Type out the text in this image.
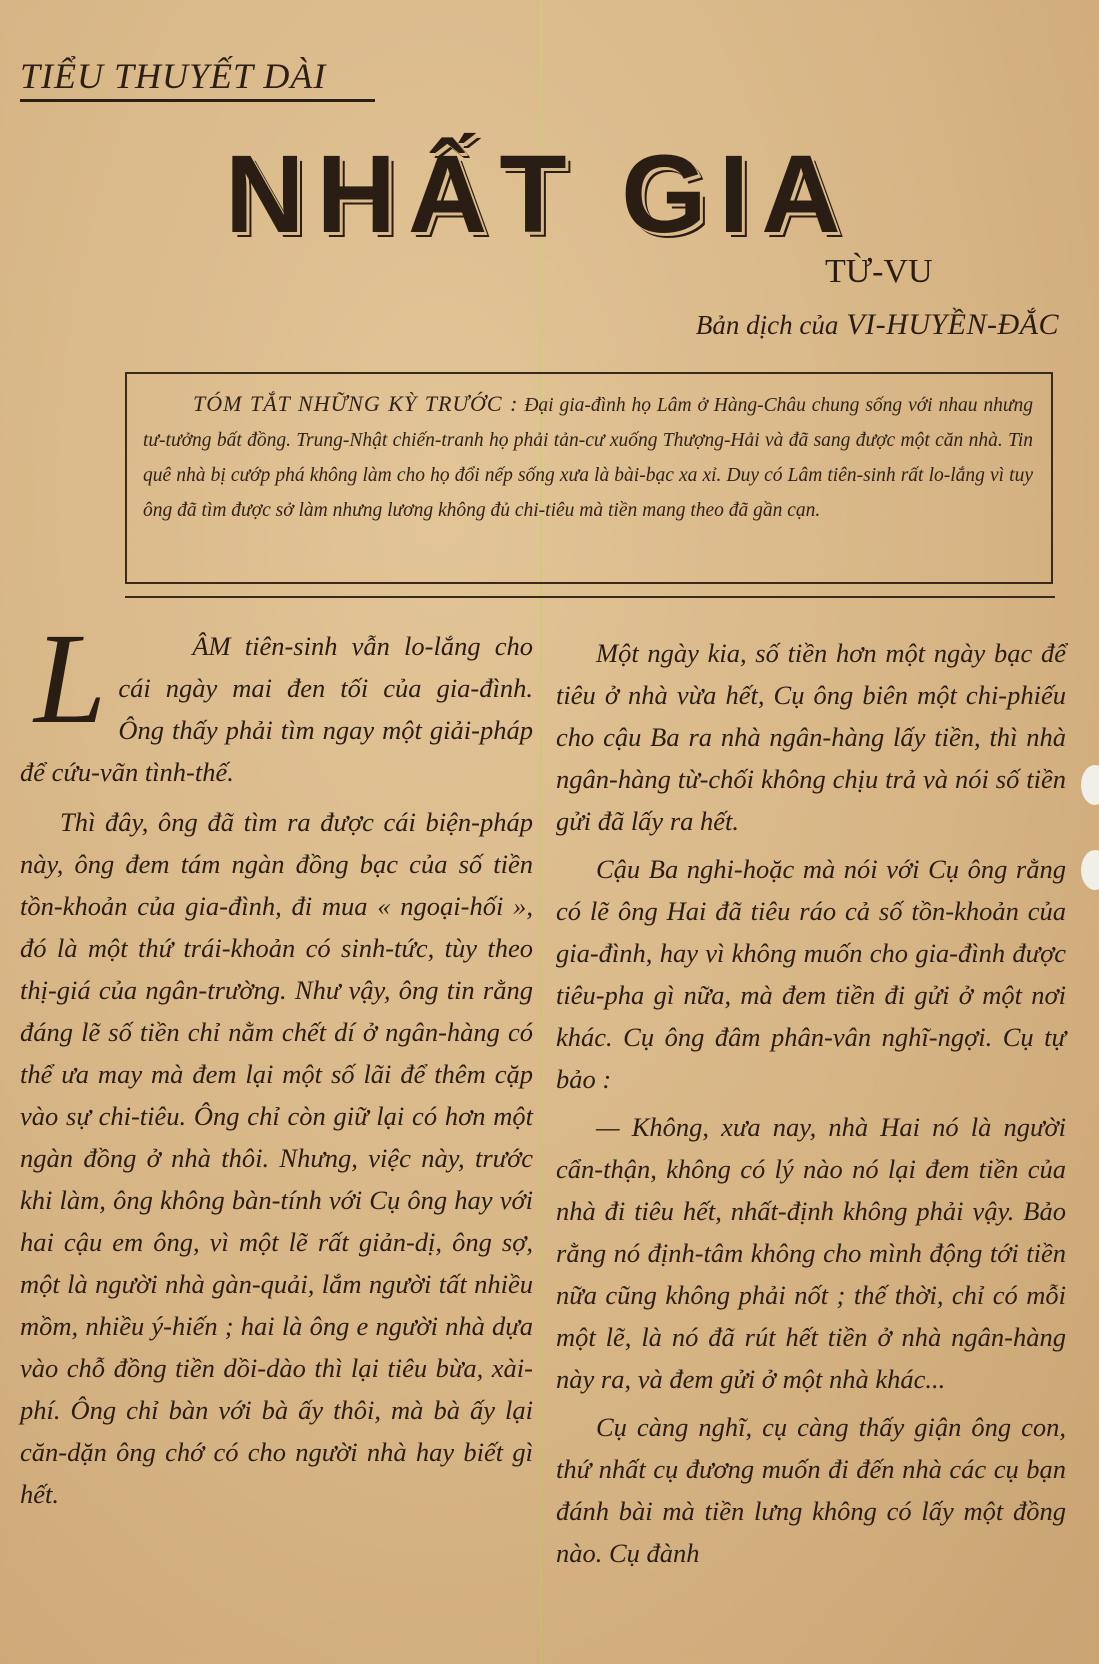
TIỂU THUYẾT DÀI
NHẤT GIA
TỪ-VU
Bản dịch của VI-HUYỀN-ĐẮC
TÓM TẮT NHỮNG KỲ TRƯỚC : Đại gia-đình họ Lâm ở Hàng-Châu chung sống với nhau nhưng tư-tưởng bất đồng. Trung-Nhật chiến-tranh họ phải tản-cư xuống Thượng-Hải và đã sang được một căn nhà. Tin quê nhà bị cướp phá không làm cho họ đổi nếp sống xưa là bài-bạc xa xỉ. Duy có Lâm tiên-sinh rất lo-lắng vì tuy ông đã tìm được sở làm nhưng lương không đủ chi-tiêu mà tiền mang theo đã gần cạn.

L	ÂM tiên-sinh vẫn lo-lắng cho cái ngày mai đen tối của gia-đình. Ông thấy phải tìm ngay một giải-pháp để cứu-vãn tình-thế.

Thì đây, ông đã tìm ra được cái biện-pháp này, ông đem tám ngàn đồng bạc của số tiền tồn-khoản của gia-đình, đi mua « ngoại-hối », đó là một thứ trái-khoản có sinh-tức, tùy theo thị-giá của ngân-trường. Như vậy, ông tin rằng đáng lẽ số tiền chỉ nằm chết dí ở ngân-hàng có thể ưa may mà đem lại một số lãi để thêm cặp vào sự chi-tiêu. Ông chỉ còn giữ lại có hơn một ngàn đồng ở nhà thôi. Nhưng, việc này, trước khi làm, ông không bàn-tính với Cụ ông hay với hai cậu em ông, vì một lẽ rất giản-dị, ông sợ, một là người nhà gàn-quải, lắm người tất nhiều mồm, nhiều ý-hiến ; hai là ông e người nhà dựa vào chỗ đồng tiền dồi-dào thì lại tiêu bừa, xài-phí. Ông chỉ bàn với bà ấy thôi, mà bà ấy lại căn-dặn ông chớ có cho người nhà hay biết gì hết.

Một ngày kia, số tiền hơn một ngày bạc để tiêu ở nhà vừa hết, Cụ ông biên một chi-phiếu cho cậu Ba ra nhà ngân-hàng lấy tiền, thì nhà ngân-hàng từ-chối không chịu trả và nói số tiền gửi đã lấy ra hết.

Cậu Ba nghi-hoặc mà nói với Cụ ông rằng có lẽ ông Hai đã tiêu ráo cả số tồn-khoản của gia-đình, hay vì không muốn cho gia-đình được tiêu-pha gì nữa, mà đem tiền đi gửi ở một nơi khác. Cụ ông đâm phân-vân nghĩ-ngợi. Cụ tự bảo :

— Không, xưa nay, nhà Hai nó là người cẩn-thận, không có lý nào nó lại đem tiền của nhà đi tiêu hết, nhất-định không phải vậy. Bảo rằng nó định-tâm không cho mình động tới tiền nữa cũng không phải nốt ; thế thời, chỉ có mỗi một lẽ, là nó đã rút hết tiền ở nhà ngân-hàng này ra, và đem gửi ở một nhà khác...

Cụ càng nghĩ, cụ càng thấy giận ông con, thứ nhất cụ đương muốn đi đến nhà các cụ bạn đánh bài mà tiền lưng không có lấy một đồng nào. Cụ đành
